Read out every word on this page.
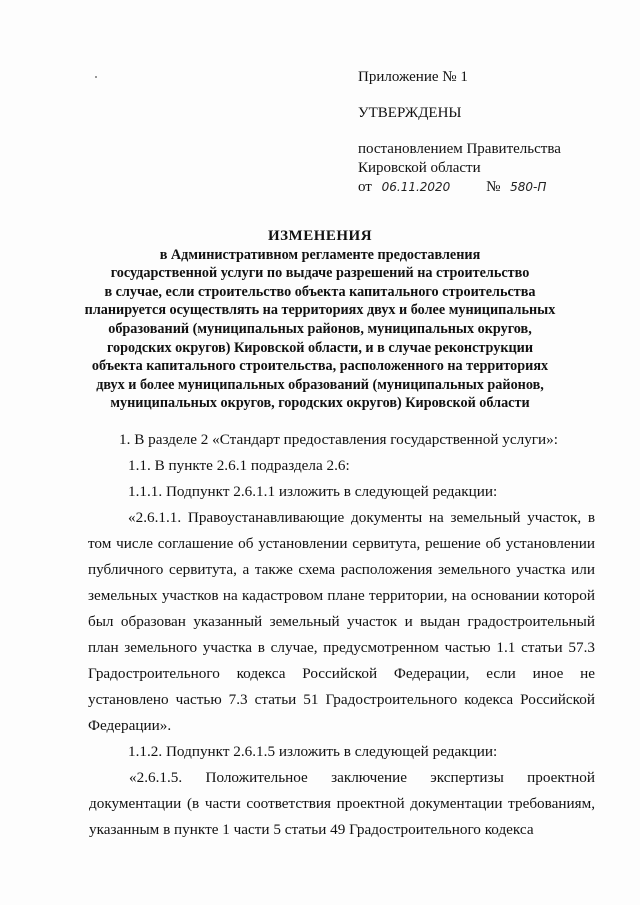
Приложение № 1
УТВЕРЖДЕНЫ
постановлением Правительства
Кировской области
от 06.11.2020 № 580-П
ИЗМЕНЕНИЯ
в Административном регламенте предоставления
государственной услуги по выдаче разрешений на строительство
в случае, если строительство объекта капитального строительства
планируется осуществлять на территориях двух и более муниципальных
образований (муниципальных районов, муниципальных округов,
городских округов) Кировской области, и в случае реконструкции
объекта капитального строительства, расположенного на территориях
двух и более муниципальных образований (муниципальных районов,
муниципальных округов, городских округов) Кировской области

1. В разделе 2 «Стандарт предоставления государственной услуги»:

1.1. В пункте 2.6.1 подраздела 2.6:

1.1.1. Подпункт 2.6.1.1 изложить в следующей редакции:

«2.6.1.1. Правоустанавливающие документы на земельный участок, в том числе соглашение об установлении сервитута, решение об установлении публичного сервитута, а также схема расположения земельного участка или земельных участков на кадастровом плане территории, на основании которой был образован указанный земельный участок и выдан градостроительный план земельного участка в случае, предусмотренном частью 1.1 статьи 57.3 Градостроительного кодекса Российской Федерации, если иное не установлено частью 7.3 статьи 51 Градостроительного кодекса Российской Федерации».

1.1.2. Подпункт 2.6.1.5 изложить в следующей редакции:

«2.6.1.5. Положительное заключение экспертизы проектной документации (в части соответствия проектной документации требованиям, указанным в пункте 1 части 5 статьи 49 Градостроительного кодекса
